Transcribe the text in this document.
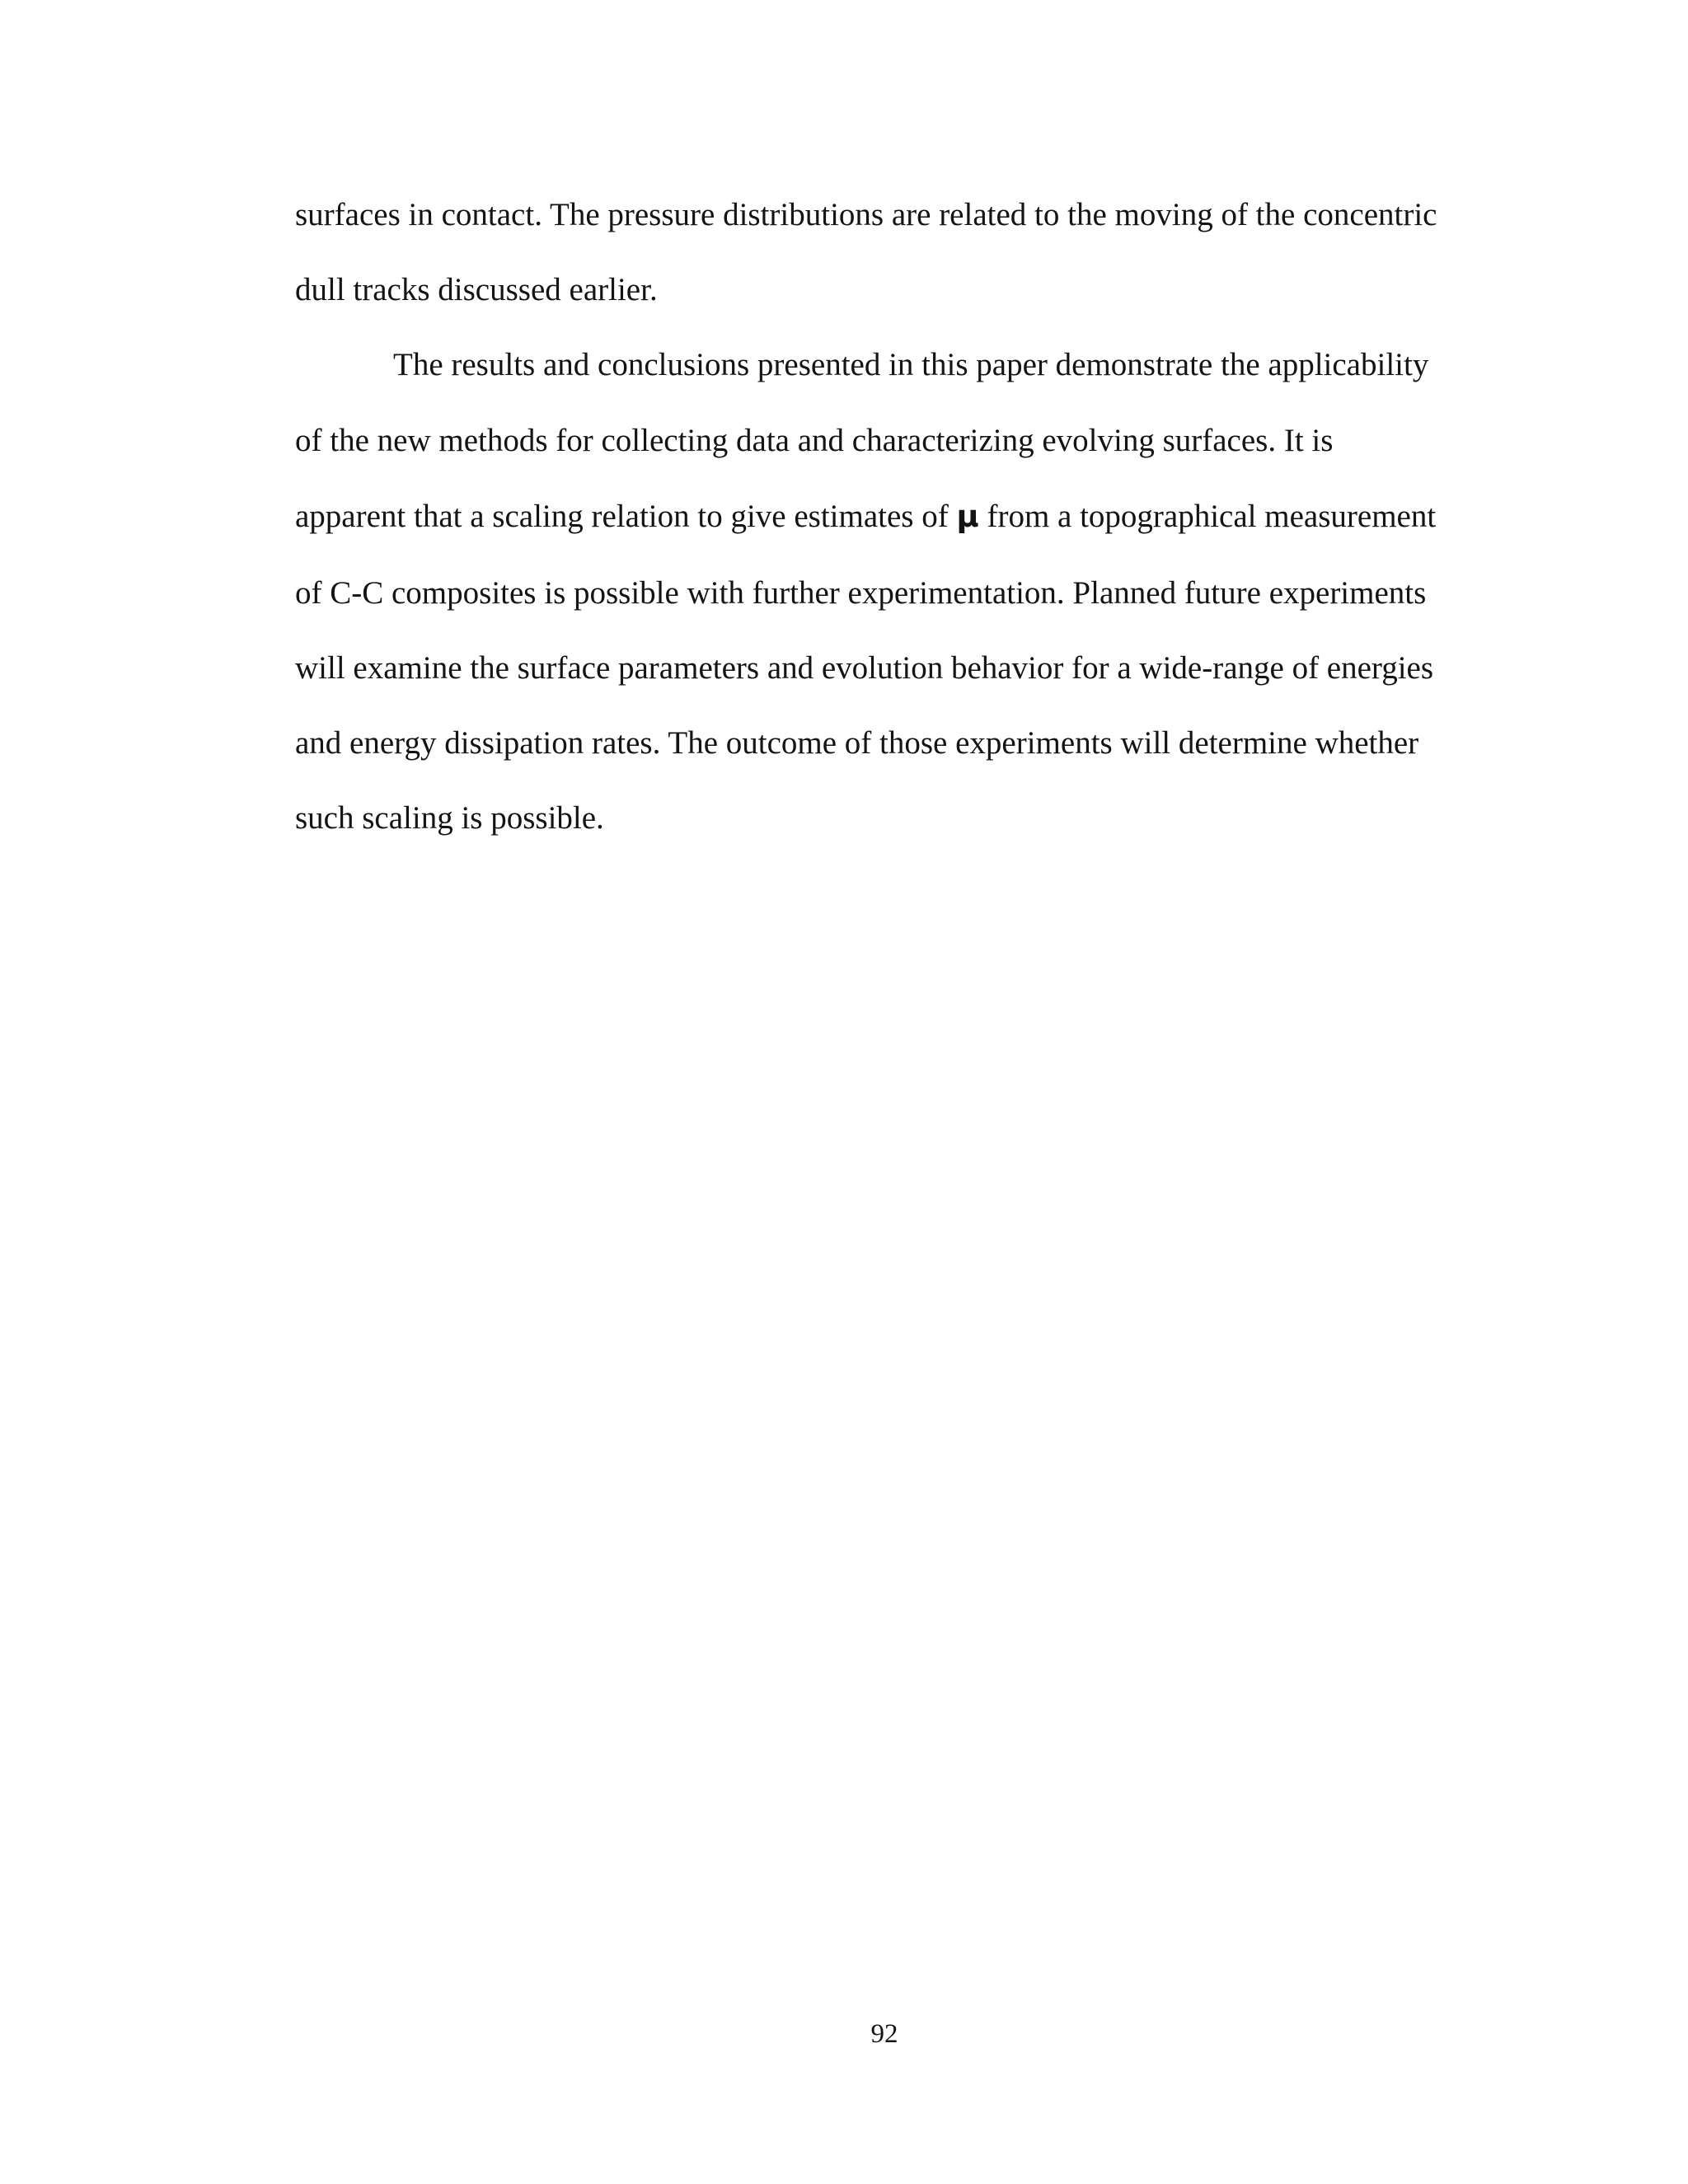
surfaces in contact. The pressure distributions are related to the moving of the concentric
dull tracks discussed earlier.
The results and conclusions presented in this paper demonstrate the applicability
of the new methods for collecting data and characterizing evolving surfaces. It is
apparent that a scaling relation to give estimates of μ from a topographical measurement
of C-C composites is possible with further experimentation. Planned future experiments
will examine the surface parameters and evolution behavior for a wide-range of energies
and energy dissipation rates. The outcome of those experiments will determine whether
such scaling is possible.
92
